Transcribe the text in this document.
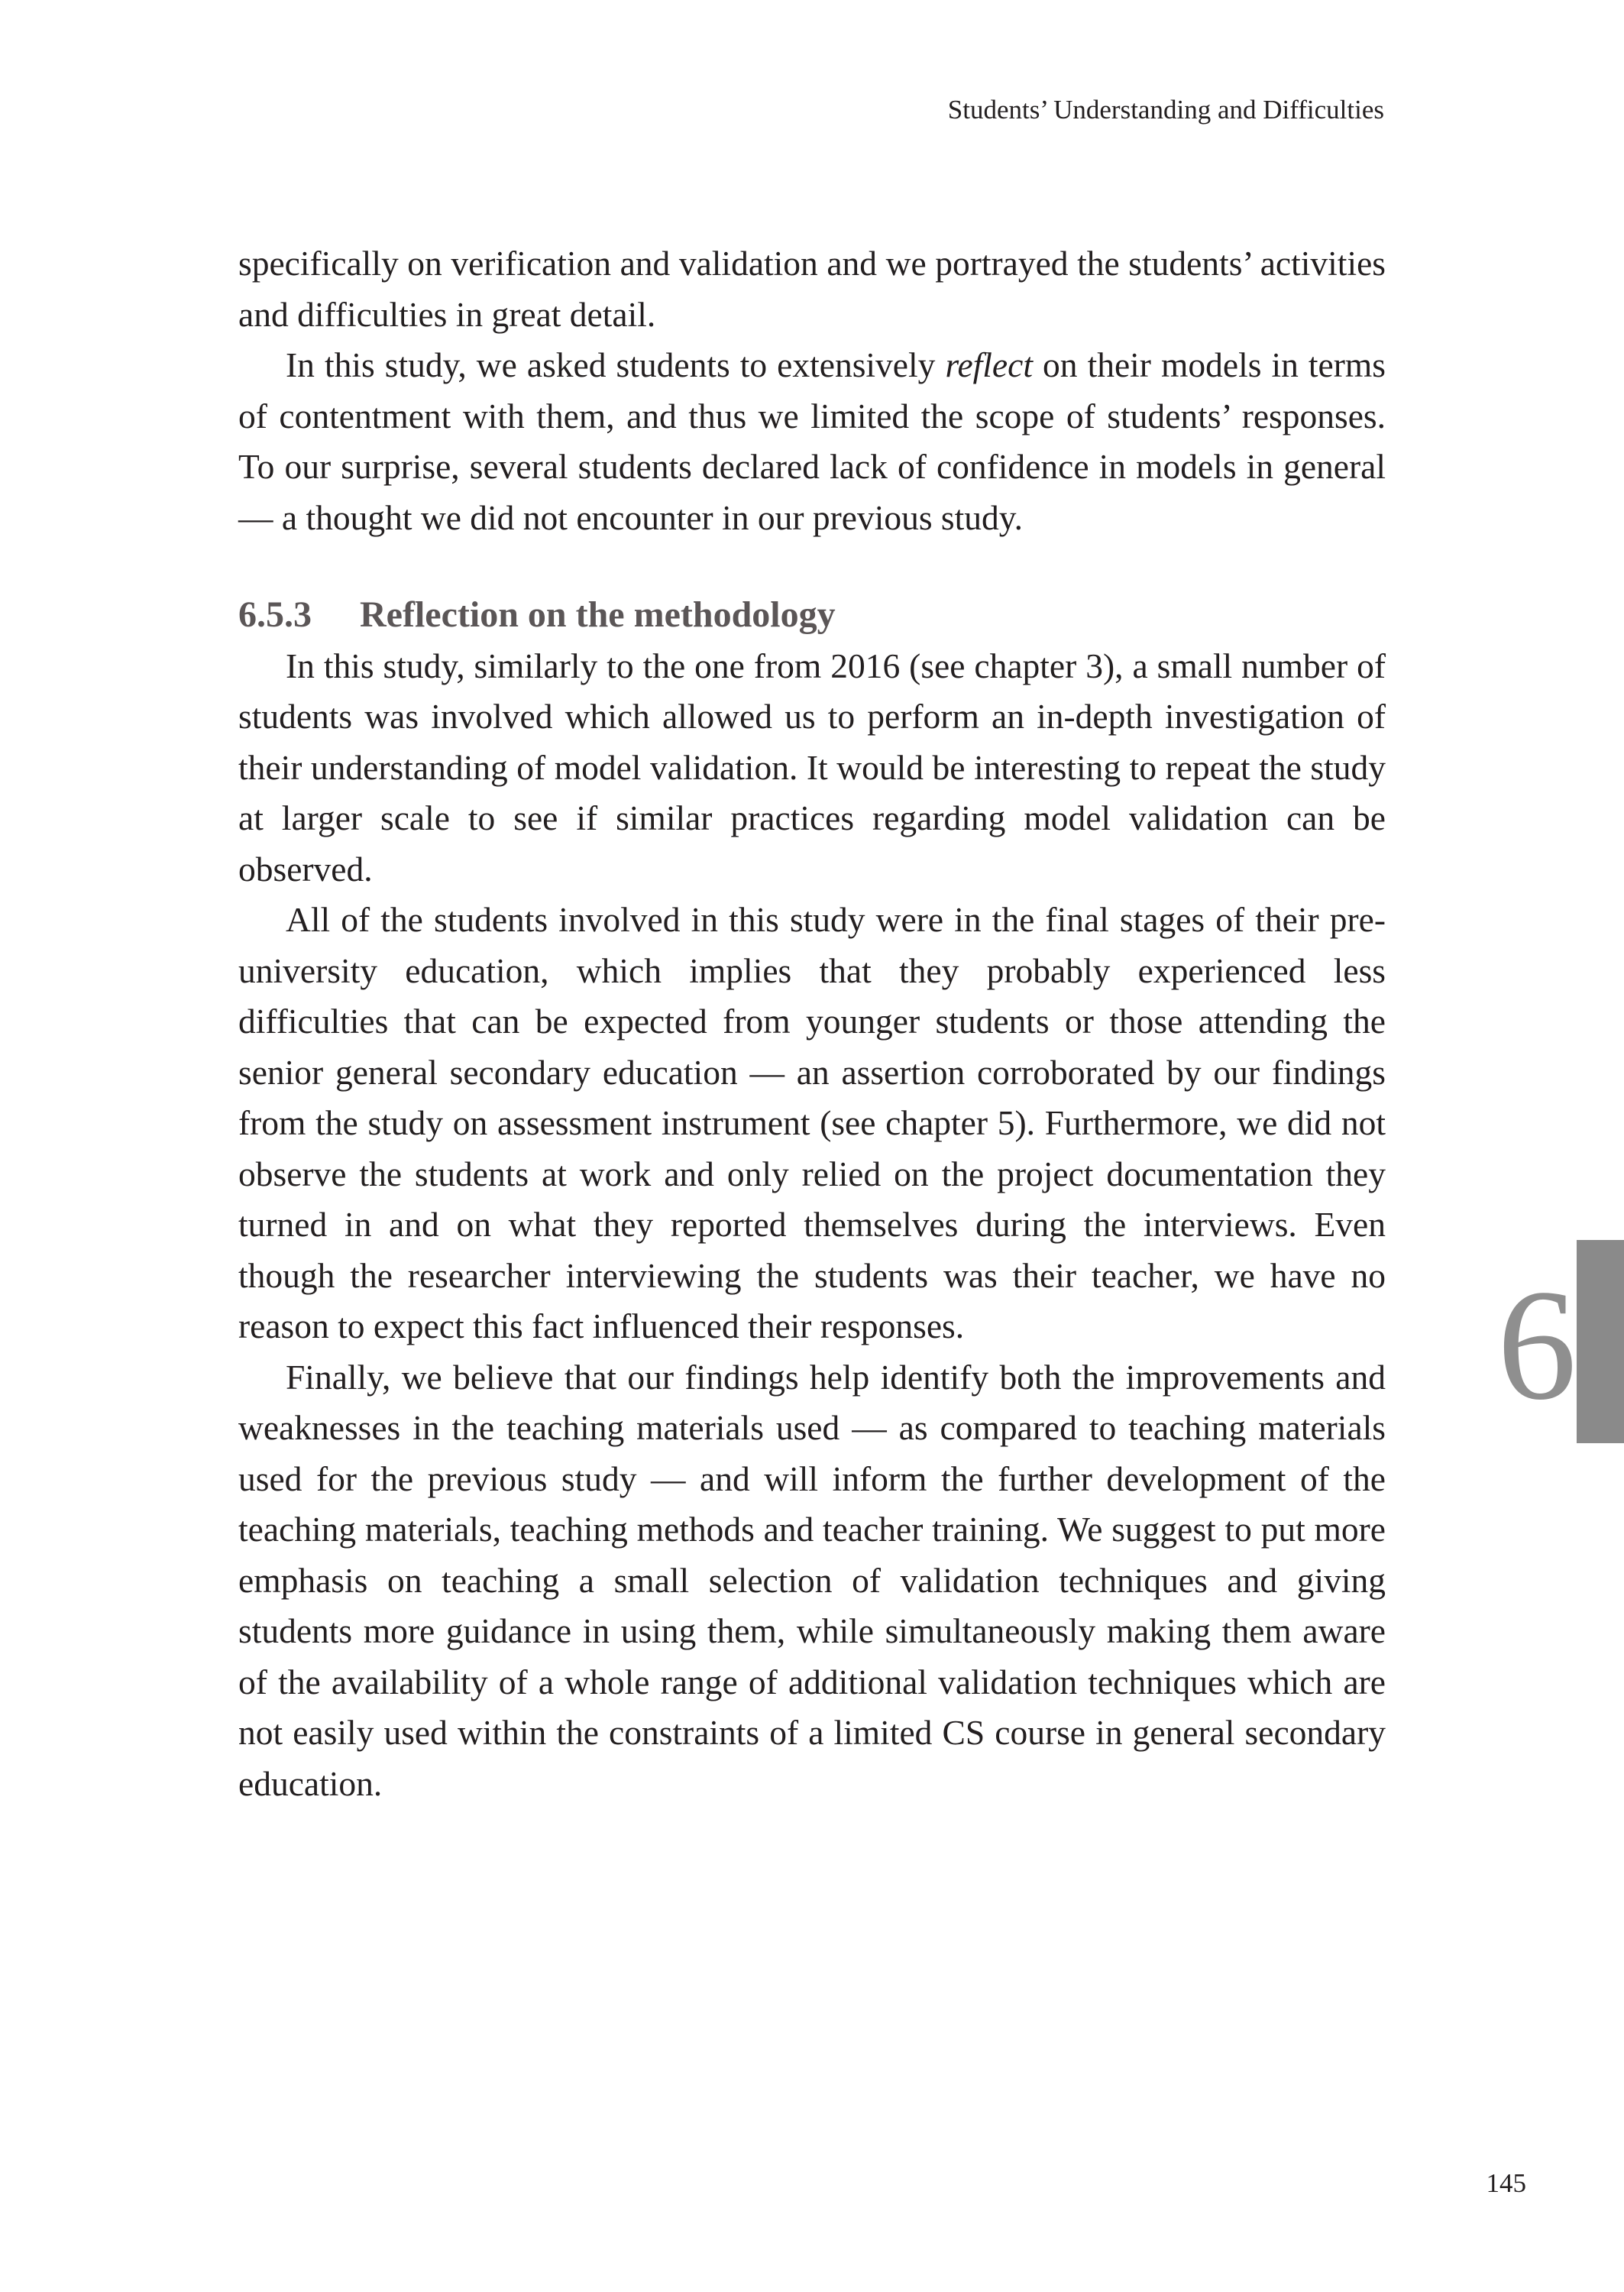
Students’ Understanding and Difficulties

specifically on verification and validation and we portrayed the students’ activities and difficulties in great detail.

In this study, we asked students to extensively reflect on their models in terms of contentment with them, and thus we limited the scope of students’ responses. To our surprise, several students declared lack of confidence in models in general — a thought we did not encounter in our previous study.

6.5.3 Reflection on the methodology

In this study, similarly to the one from 2016 (see chapter 3), a small number of students was involved which allowed us to perform an in-depth investigation of their understanding of model validation. It would be interesting to repeat the study at larger scale to see if similar practices regarding model validation can be observed.

All of the students involved in this study were in the final stages of their pre-university education, which implies that they probably experienced less difficulties that can be expected from younger students or those attending the senior general secondary education — an assertion corroborated by our findings from the study on assessment instrument (see chapter 5). Furthermore, we did not observe the students at work and only relied on the project documentation they turned in and on what they reported themselves during the interviews. Even though the researcher interviewing the students was their teacher, we have no reason to expect this fact influenced their responses.

Finally, we believe that our findings help identify both the improvements and weaknesses in the teaching materials used — as compared to teaching materials used for the previous study — and will inform the further development of the teaching materials, teaching methods and teacher training. We suggest to put more emphasis on teaching a small selection of validation techniques and giving students more guidance in using them, while simultaneously making them aware of the availability of a whole range of additional validation techniques which are not easily used within the constraints of a limited CS course in general secondary education.

6
145
